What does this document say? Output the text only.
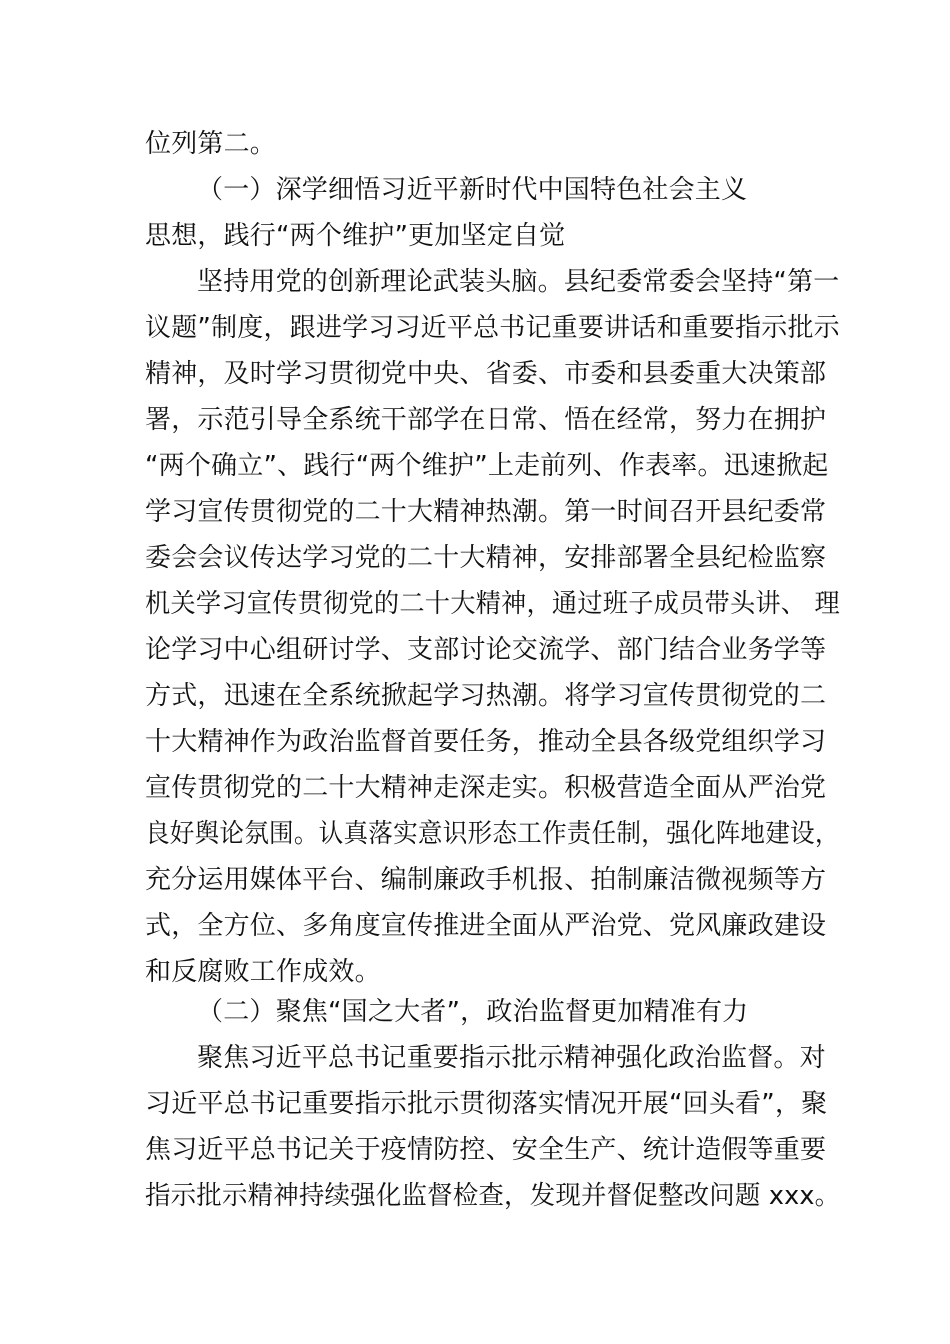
位列第二。
（一）深学细悟习近平新时代中国特色社会主义
思想，践行“两个维护”更加坚定自觉
坚持用党的创新理论武装头脑。县纪委常委会坚持“第一
议题”制度，跟进学习习近平总书记重要讲话和重要指示批示
精神，及时学习贯彻党中央、省委、市委和县委重大决策部
署，示范引导全系统干部学在日常、悟在经常，努力在拥护
“两个确立”、践行“两个维护”上走前列、作表率。迅速掀起
学习宣传贯彻党的二十大精神热潮。第一时间召开县纪委常
委会会议传达学习党的二十大精神，安排部署全县纪检监察
机关学习宣传贯彻党的二十大精神，通过班子成员带头讲、 理
论学习中心组研讨学、支部讨论交流学、部门结合业务学等
方式，迅速在全系统掀起学习热潮。将学习宣传贯彻党的二
十大精神作为政治监督首要任务，推动全县各级党组织学习
宣传贯彻党的二十大精神走深走实。积极营造全面从严治党
良好舆论氛围。认真落实意识形态工作责任制，强化阵地建设，
充分运用媒体平台、编制廉政手机报、拍制廉洁微视频等方
式，全方位、多角度宣传推进全面从严治党、党风廉政建设
和反腐败工作成效。
（二）聚焦“国之大者”，政治监督更加精准有力
聚焦习近平总书记重要指示批示精神强化政治监督。对
习近平总书记重要指示批示贯彻落实情况开展“回头看”，聚
焦习近平总书记关于疫情防控、安全生产、统计造假等重要
指示批示精神持续强化监督检查，发现并督促整改问题 xxx。
